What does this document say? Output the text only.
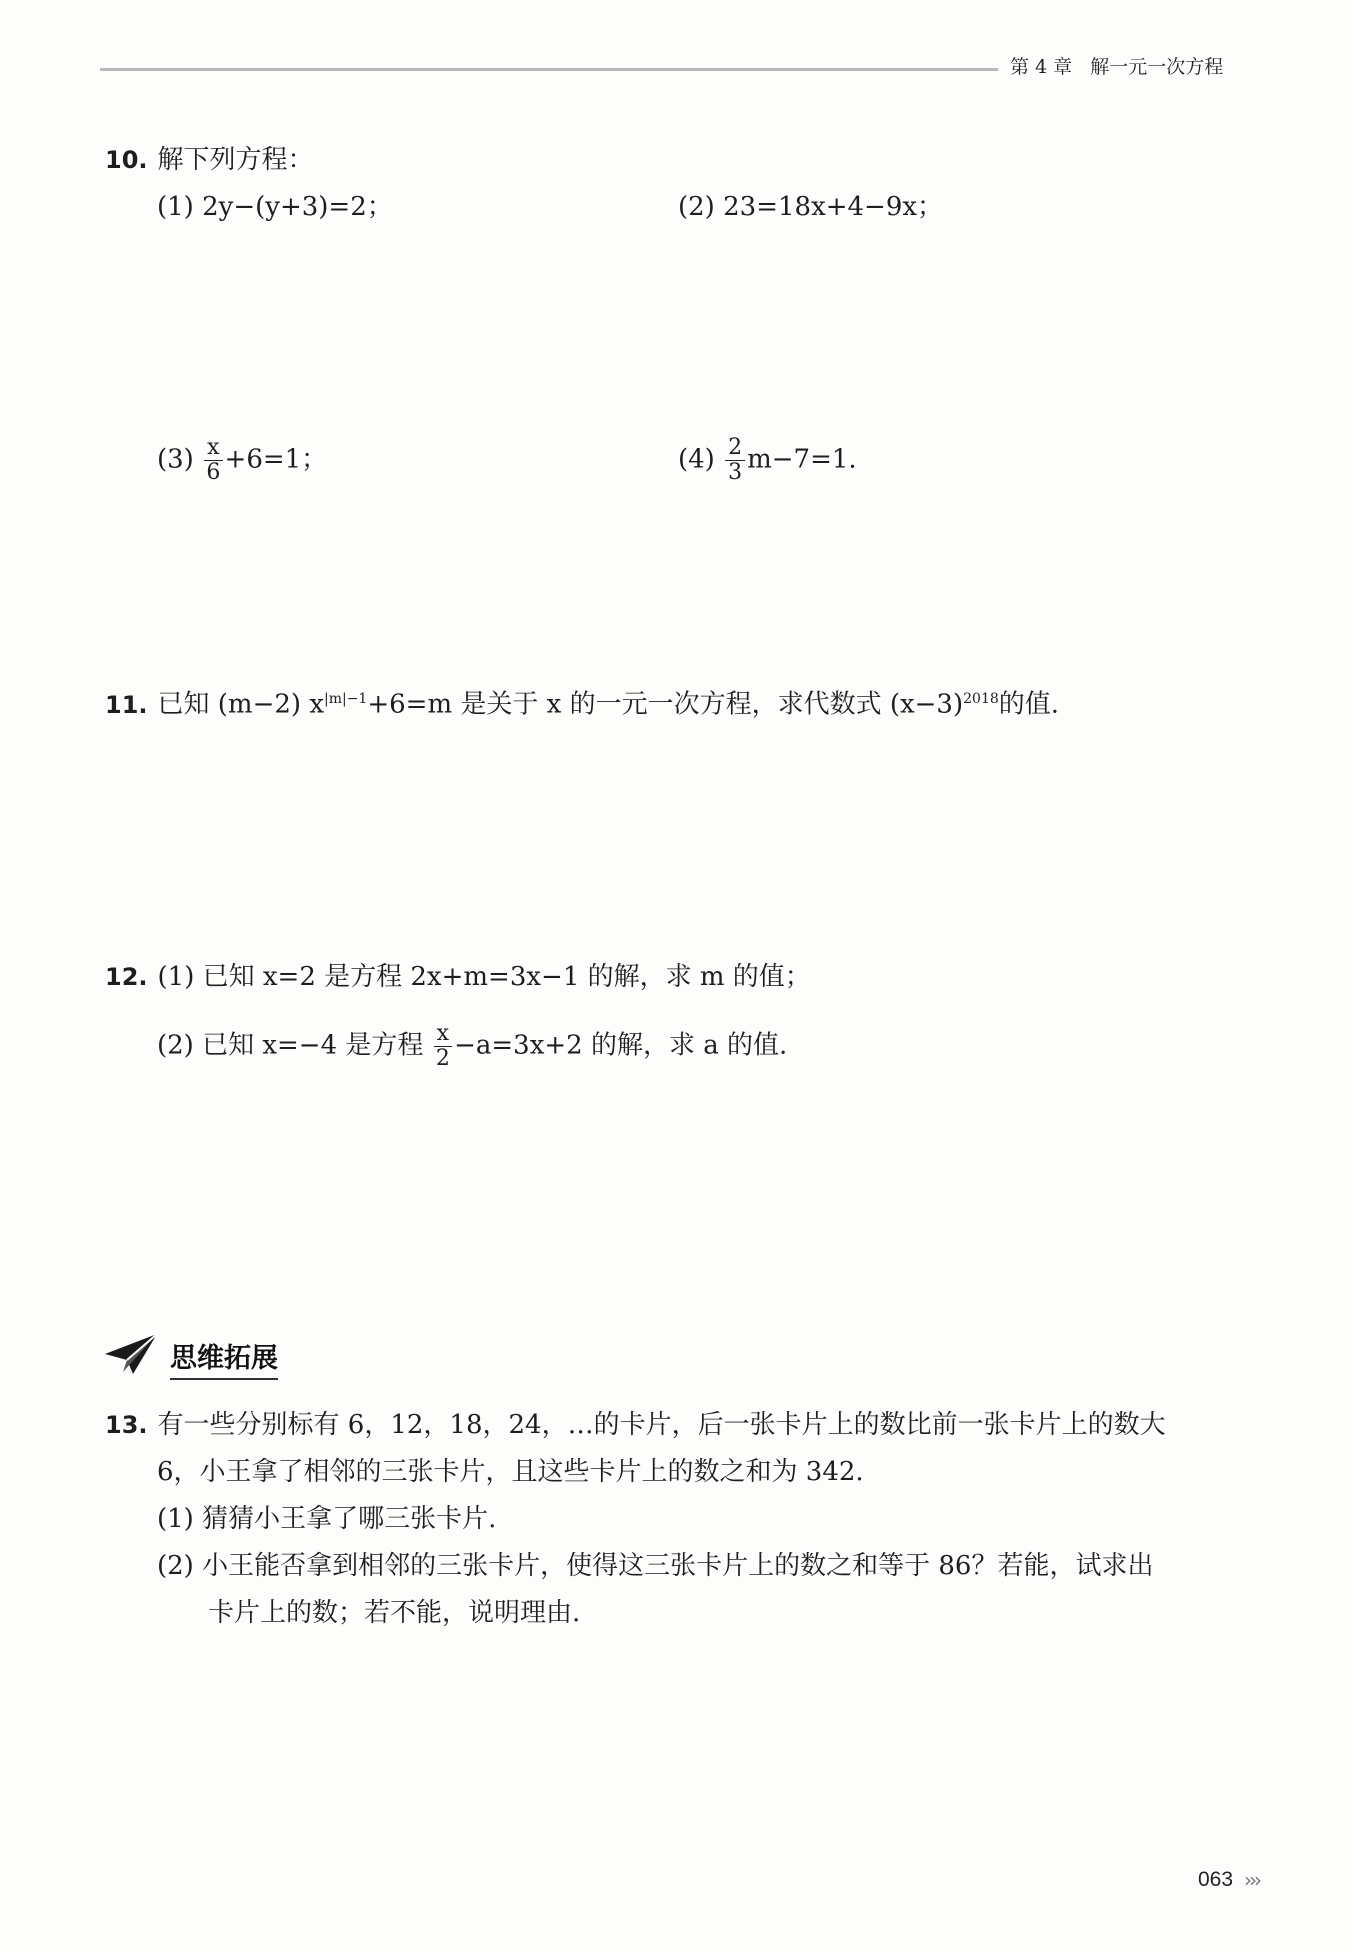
第 4 章 解一元一次方程
10. 解下列方程：
(1) 2y−(y+3)=2；	(2) 23=18x+4−9x；
$(3) \frac{x}{6} +6=1$；	$(4) \frac{2}{3} m-7=1$.
11. 已知 (m−2) $x^{|m|-1}+6=m$ 是关于 x 的一元一次方程，求代数式 $(x-3)^{2018}$的值.
12. (1) 已知 x=2 是方程 2x+m=3x−1 的解，求 m 的值；
(2) 已知 x=−4 是方程 $\frac{x}{2} -a=3x+2$ 的解，求 a 的值.
思维拓展
13. 有一些分别标有 6，12，18，24，…的卡片，后一张卡片上的数比前一张卡片上的数大
6，小王拿了相邻的三张卡片，且这些卡片上的数之和为 342.
(1) 猜猜小王拿了哪三张卡片.
(2) 小王能否拿到相邻的三张卡片，使得这三张卡片上的数之和等于 86？若能，试求出
卡片上的数；若不能，说明理由.
063 ›››
